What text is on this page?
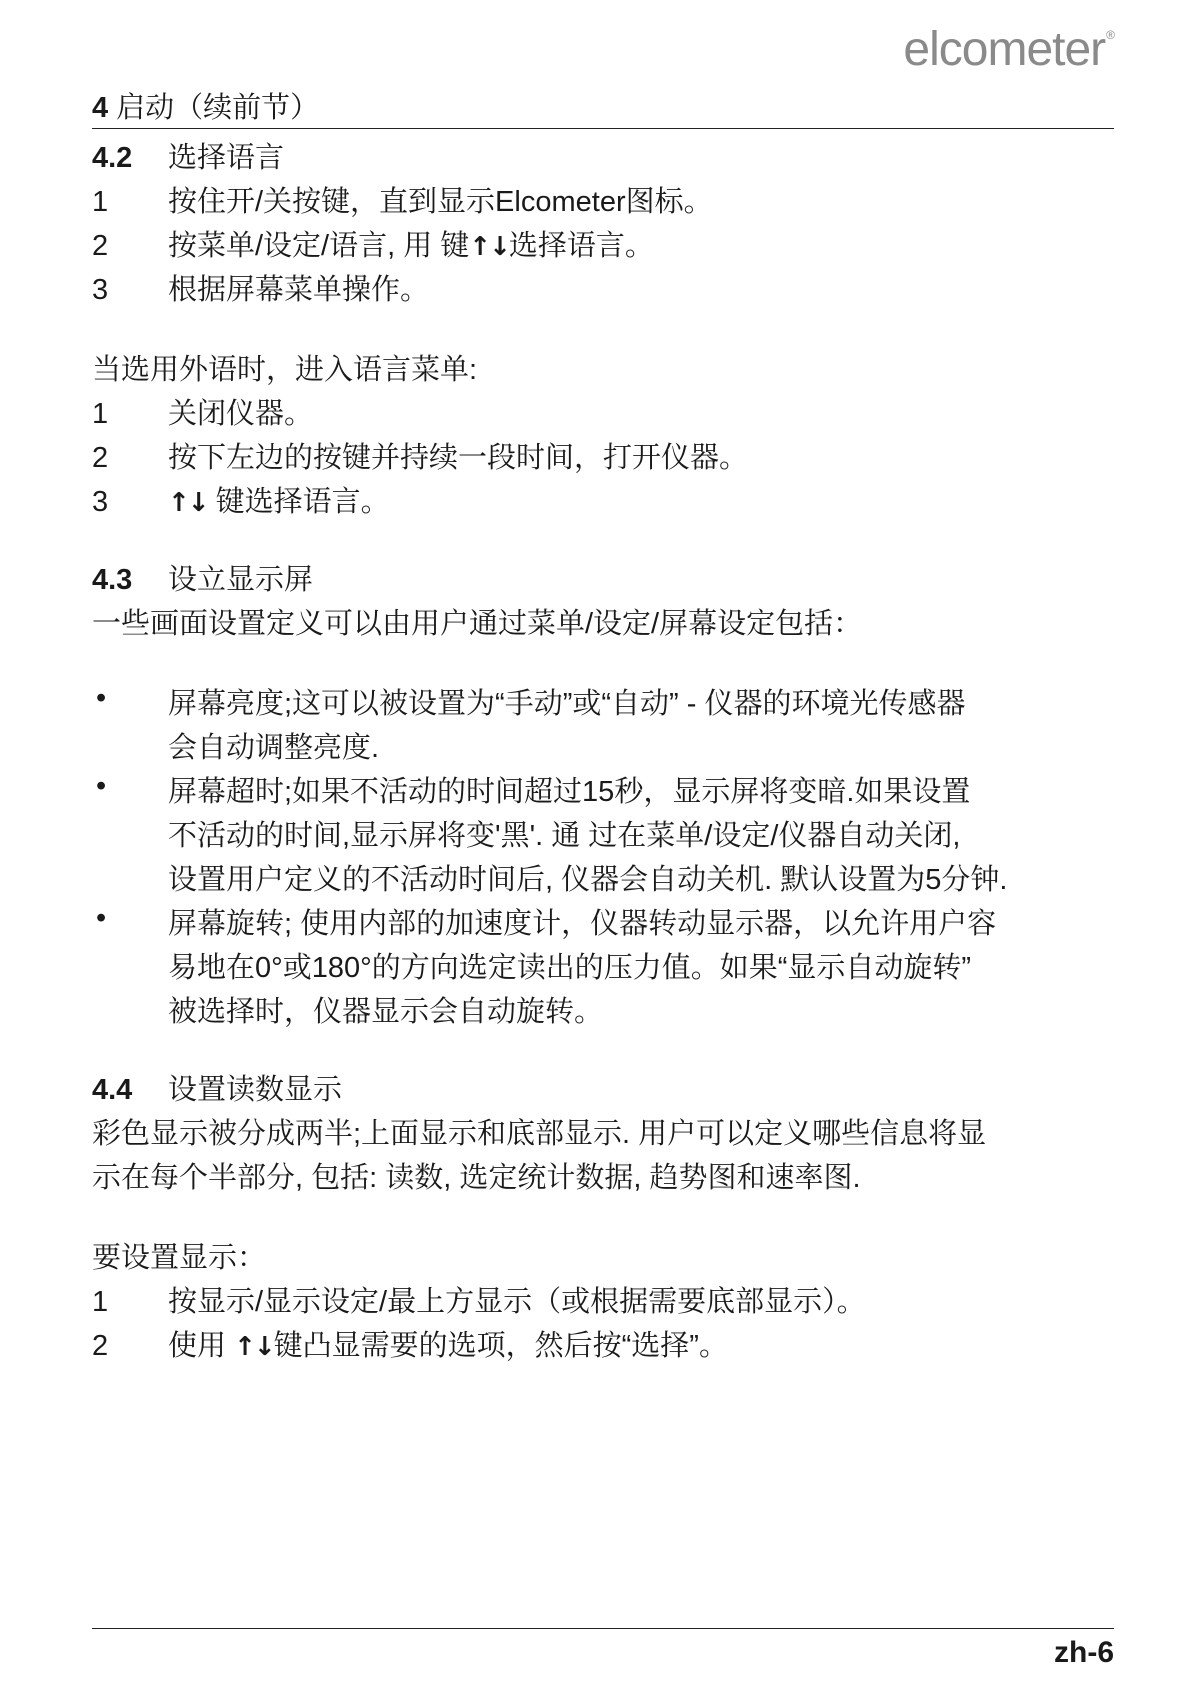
elcometer®
4 启动（续前节）
4.2 选择语言
1 按住开/关按键，直到显示Elcometer图标。
2 按菜单/设定/语言, 用 键↑↓选择语言。
3 根据屏幕菜单操作。
当选用外语时，进入语言菜单:
1 关闭仪器。
2 按下左边的按键并持续一段时间，打开仪器。
3 ↑↓ 键选择语言。
4.3 设立显示屏
一些画面设置定义可以由用户通过菜单/设定/屏幕设定包括：
•	屏幕亮度;这可以被设置为“手动”或“自动” - 仪器的环境光传感器
会自动调整亮度.
•	屏幕超时;如果不活动的时间超过15秒，显示屏将变暗.如果设置
不活动的时间,显示屏将变'黑'. 通 过在菜单/设定/仪器自动关闭,
设置用户定义的不活动时间后, 仪器会自动关机. 默认设置为5分钟.
•	屏幕旋转; 使用内部的加速度计，仪器转动显示器，以允许用户容
易地在0°或180°的方向选定读出的压力值。如果“显示自动旋转”
被选择时，仪器显示会自动旋转。
4.4 设置读数显示
彩色显示被分成两半;上面显示和底部显示. 用户可以定义哪些信息将显
示在每个半部分, 包括: 读数, 选定统计数据, 趋势图和速率图.
要设置显示：
1 按显示/显示设定/最上方显示（或根据需要底部显示）。
2 使用 ↑↓键凸显需要的选项，然后按“选择”。
zh-6
